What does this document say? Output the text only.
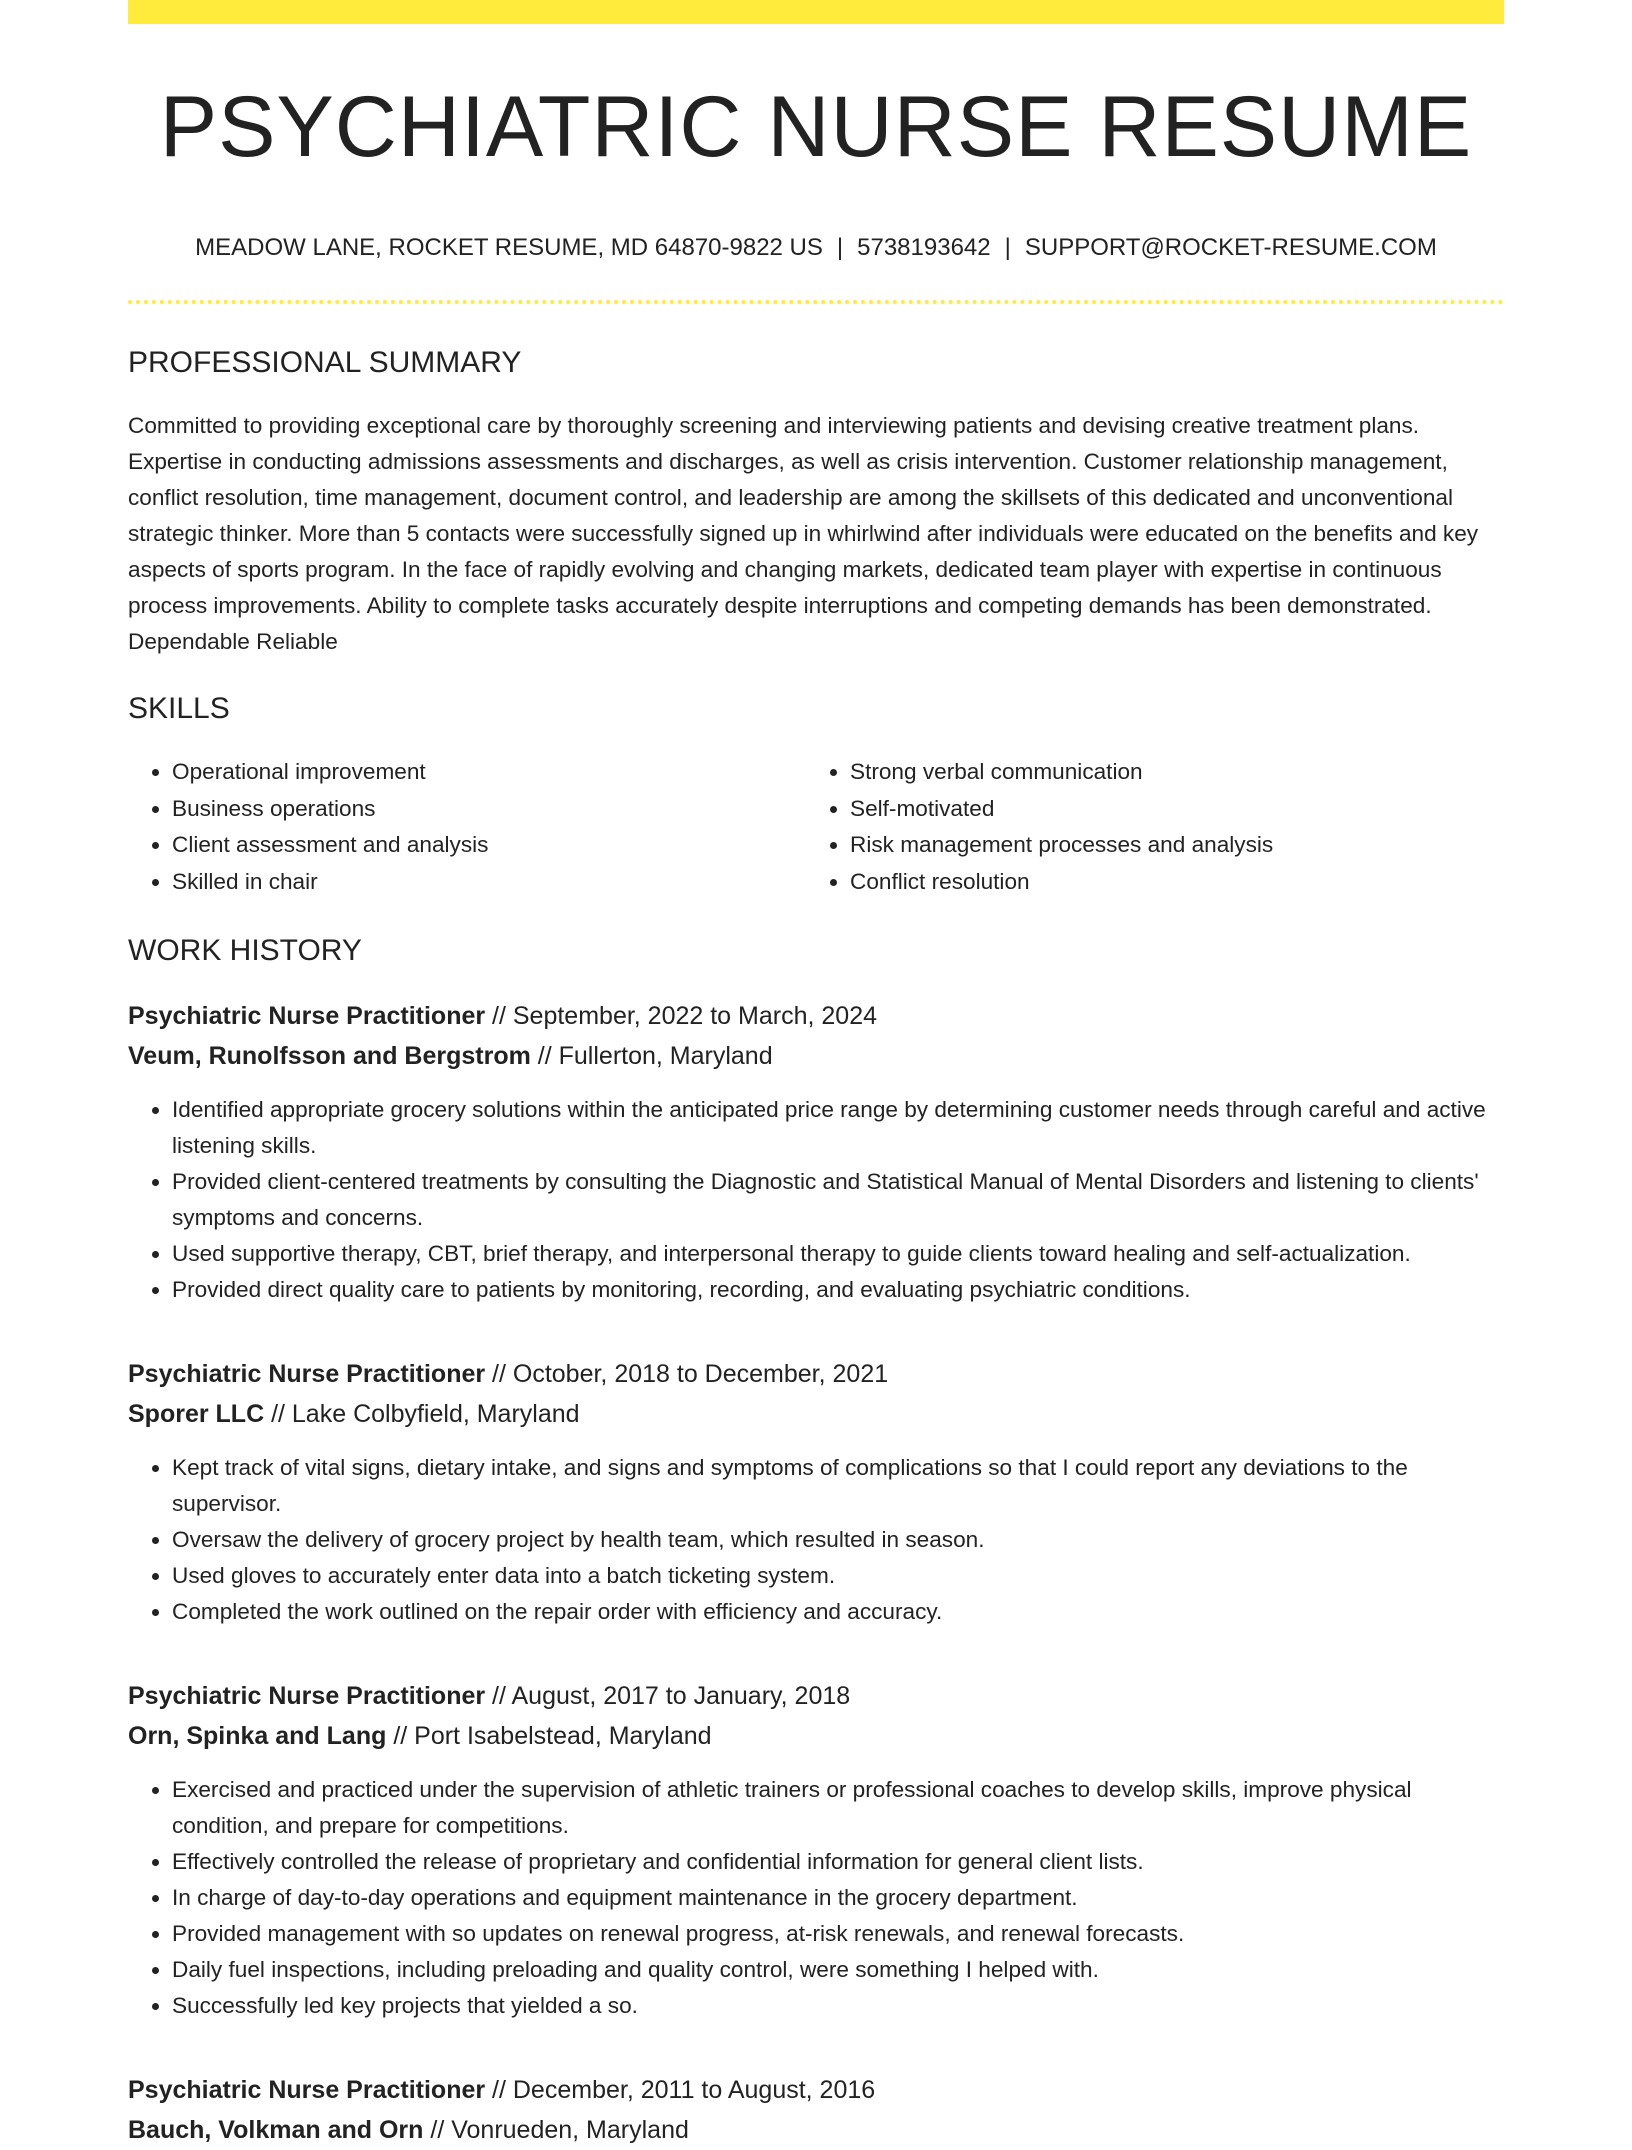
PSYCHIATRIC NURSE RESUME
MEADOW LANE, ROCKET RESUME, MD 64870-9822 US | 5738193642 | SUPPORT@ROCKET-RESUME.COM
PROFESSIONAL SUMMARY

Committed to providing exceptional care by thoroughly screening and interviewing patients and devising creative treatment plans. Expertise in conducting admissions assessments and discharges, as well as crisis intervention. Customer relationship management, conflict resolution, time management, document control, and leadership are among the skillsets of this dedicated and unconventional strategic thinker. More than 5 contacts were successfully signed up in whirlwind after individuals were educated on the benefits and key aspects of sports program. In the face of rapidly evolving and changing markets, dedicated team player with expertise in continuous process improvements. Ability to complete tasks accurately despite interruptions and competing demands has been demonstrated. Dependable Reliable

SKILLS
• Operational improvement
• Business operations
• Client assessment and analysis
• Skilled in chair
• Strong verbal communication
• Self-motivated
• Risk management processes and analysis
• Conflict resolution
WORK HISTORY
Psychiatric Nurse Practitioner // September, 2022 to March, 2024
Veum, Runolfsson and Bergstrom // Fullerton, Maryland
• Identified appropriate grocery solutions within the anticipated price range by determining customer needs through careful and active listening skills.
• Provided client-centered treatments by consulting the Diagnostic and Statistical Manual of Mental Disorders and listening to clients' symptoms and concerns.
• Used supportive therapy, CBT, brief therapy, and interpersonal therapy to guide clients toward healing and self-actualization.
• Provided direct quality care to patients by monitoring, recording, and evaluating psychiatric conditions.
Psychiatric Nurse Practitioner // October, 2018 to December, 2021
Sporer LLC // Lake Colbyfield, Maryland
• Kept track of vital signs, dietary intake, and signs and symptoms of complications so that I could report any deviations to the supervisor.
• Oversaw the delivery of grocery project by health team, which resulted in season.
• Used gloves to accurately enter data into a batch ticketing system.
• Completed the work outlined on the repair order with efficiency and accuracy.
Psychiatric Nurse Practitioner // August, 2017 to January, 2018
Orn, Spinka and Lang // Port Isabelstead, Maryland
• Exercised and practiced under the supervision of athletic trainers or professional coaches to develop skills, improve physical condition, and prepare for competitions.
• Effectively controlled the release of proprietary and confidential information for general client lists.
• In charge of day-to-day operations and equipment maintenance in the grocery department.
• Provided management with so updates on renewal progress, at-risk renewals, and renewal forecasts.
• Daily fuel inspections, including preloading and quality control, were something I helped with.
• Successfully led key projects that yielded a so.
Psychiatric Nurse Practitioner // December, 2011 to August, 2016
Bauch, Volkman and Orn // Vonrueden, Maryland
